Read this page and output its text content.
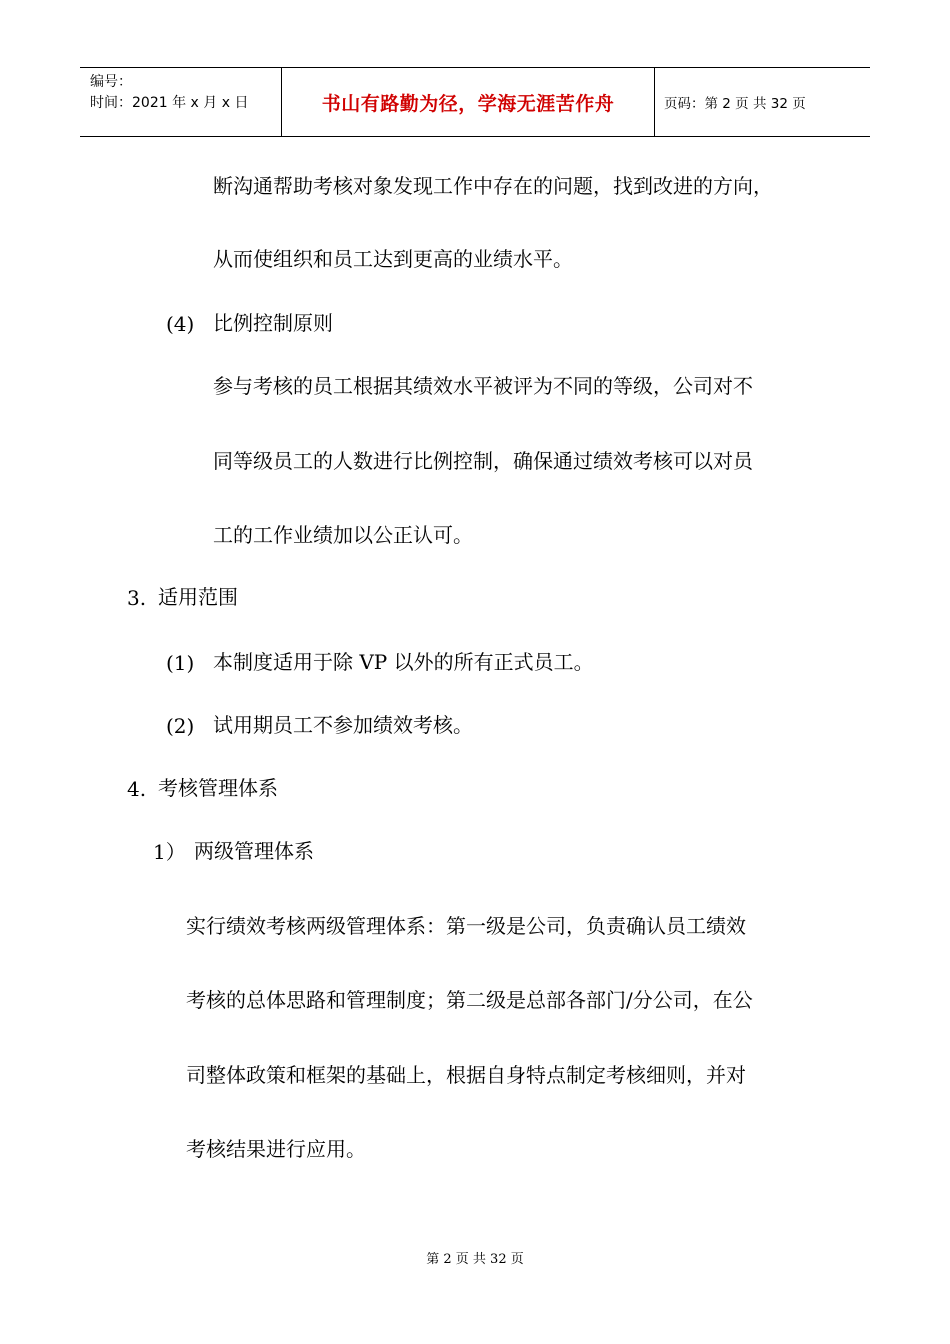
编号：
时间：2021 年 x 月 x 日	书山有路勤为径，学海无涯苦作舟	页码：第 2 页 共 32 页
断沟通帮助考核对象发现工作中存在的问题，找到改进的方向，
从而使组织和员工达到更高的业绩水平。
(4) 比例控制原则
参与考核的员工根据其绩效水平被评为不同的等级，公司对不
同等级员工的人数进行比例控制，确保通过绩效考核可以对员
工的工作业绩加以公正认可。
3. 适用范围
(1) 本制度适用于除 VP 以外的所有正式员工。
(2) 试用期员工不参加绩效考核。
4. 考核管理体系
1） 两级管理体系
实行绩效考核两级管理体系：第一级是公司，负责确认员工绩效
考核的总体思路和管理制度；第二级是总部各部门/分公司，在公
司整体政策和框架的基础上，根据自身特点制定考核细则，并对
考核结果进行应用。
第 2 页 共 32 页
